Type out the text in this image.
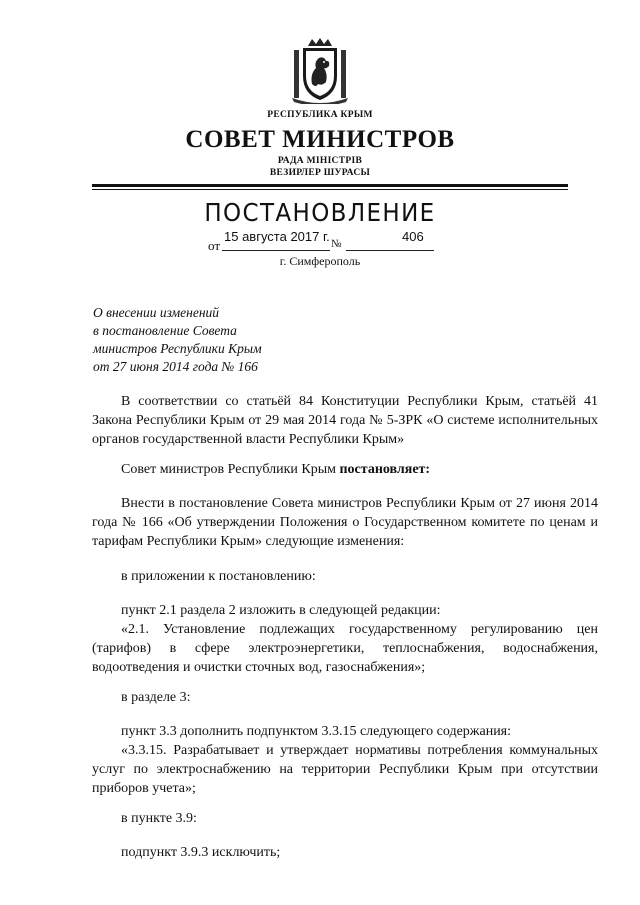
РЕСПУБЛИКА КРЫМ
СОВЕТ МИНИСТРОВ
РАДА МІНІСТРІВ
ВЕЗИРЛЕР ШУРАСЫ
ПОСТАНОВЛЕНИЕ
от
15 августа 2017 г. №	406
г. Симферополь
О внесении изменений
в постановление Совета
министров Республики Крым
от 27 июня 2014 года № 166
В соответствии со статьёй 84 Конституции Республики Крым, статьёй 41 Закона Республики Крым от 29 мая 2014 года № 5-ЗРК «О системе исполнительных органов государственной власти Республики Крым»
Совет министров Республики Крым постановляет:
Внести в постановление Совета министров Республики Крым от 27 июня 2014 года № 166 «Об утверждении Положения о Государственном комитете по ценам и тарифам Республики Крым» следующие изменения:
в приложении к постановлению:
пункт 2.1 раздела 2 изложить в следующей редакции:
«2.1. Установление подлежащих государственному регулированию цен (тарифов) в сфере электроэнергетики, теплоснабжения, водоснабжения, водоотведения и очистки сточных вод, газоснабжения»;
в разделе 3:
пункт 3.3 дополнить подпунктом 3.3.15 следующего содержания:
«3.3.15. Разрабатывает и утверждает нормативы потребления коммунальных услуг по электроснабжению на территории Республики Крым при отсутствии приборов учета»;
в пункте 3.9:
подпункт 3.9.3 исключить;
